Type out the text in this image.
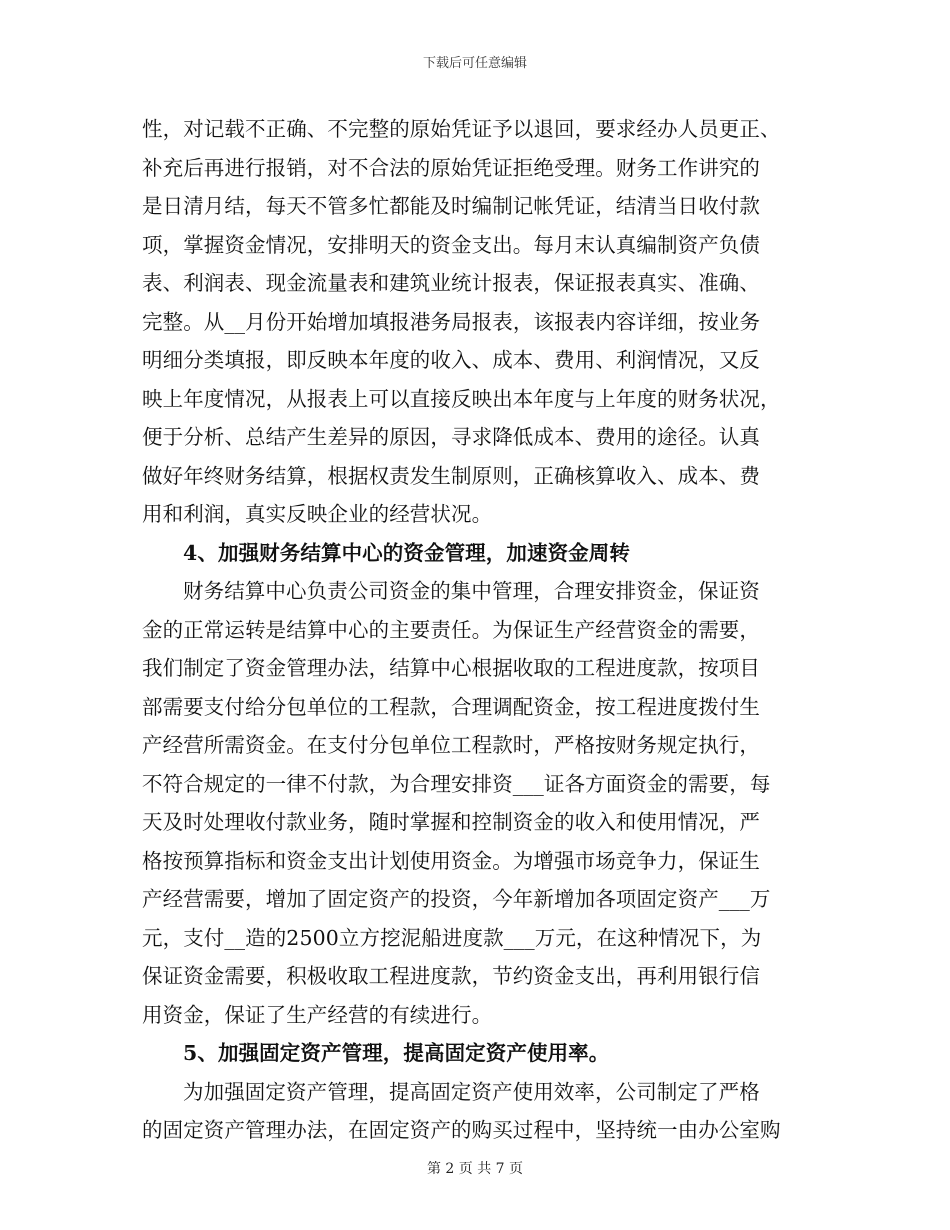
下载后可任意编辑
性，对记载不正确、不完整的原始凭证予以退回，要求经办人员更正、
补充后再进行报销，对不合法的原始凭证拒绝受理。财务工作讲究的
是日清月结，每天不管多忙都能及时编制记帐凭证，结清当日收付款
项，掌握资金情况，安排明天的资金支出。每月末认真编制资产负债
表、利润表、现金流量表和建筑业统计报表，保证报表真实、准确、
完整。从__月份开始增加填报港务局报表，该报表内容详细，按业务
明细分类填报，即反映本年度的收入、成本、费用、利润情况，又反
映上年度情况，从报表上可以直接反映出本年度与上年度的财务状况，
便于分析、总结产生差异的原因，寻求降低成本、费用的途径。认真
做好年终财务结算，根据权责发生制原则，正确核算收入、成本、费
用和利润，真实反映企业的经营状况。
4、加强财务结算中心的资金管理，加速资金周转
财务结算中心负责公司资金的集中管理，合理安排资金，保证资
金的正常运转是结算中心的主要责任。为保证生产经营资金的需要，
我们制定了资金管理办法，结算中心根据收取的工程进度款，按项目
部需要支付给分包单位的工程款，合理调配资金，按工程进度拨付生
产经营所需资金。在支付分包单位工程款时，严格按财务规定执行，
不符合规定的一律不付款，为合理安排资___证各方面资金的需要，每
天及时处理收付款业务，随时掌握和控制资金的收入和使用情况，严
格按预算指标和资金支出计划使用资金。为增强市场竞争力，保证生
产经营需要，增加了固定资产的投资，今年新增加各项固定资产___万
元，支付__造的2500立方挖泥船进度款___万元，在这种情况下，为
保证资金需要，积极收取工程进度款，节约资金支出，再利用银行信
用资金，保证了生产经营的有续进行。
5、加强固定资产管理，提高固定资产使用率。
为加强固定资产管理，提高固定资产使用效率，公司制定了严格
的固定资产管理办法，在固定资产的购买过程中，坚持统一由办公室购
第 2 页 共 7 页
